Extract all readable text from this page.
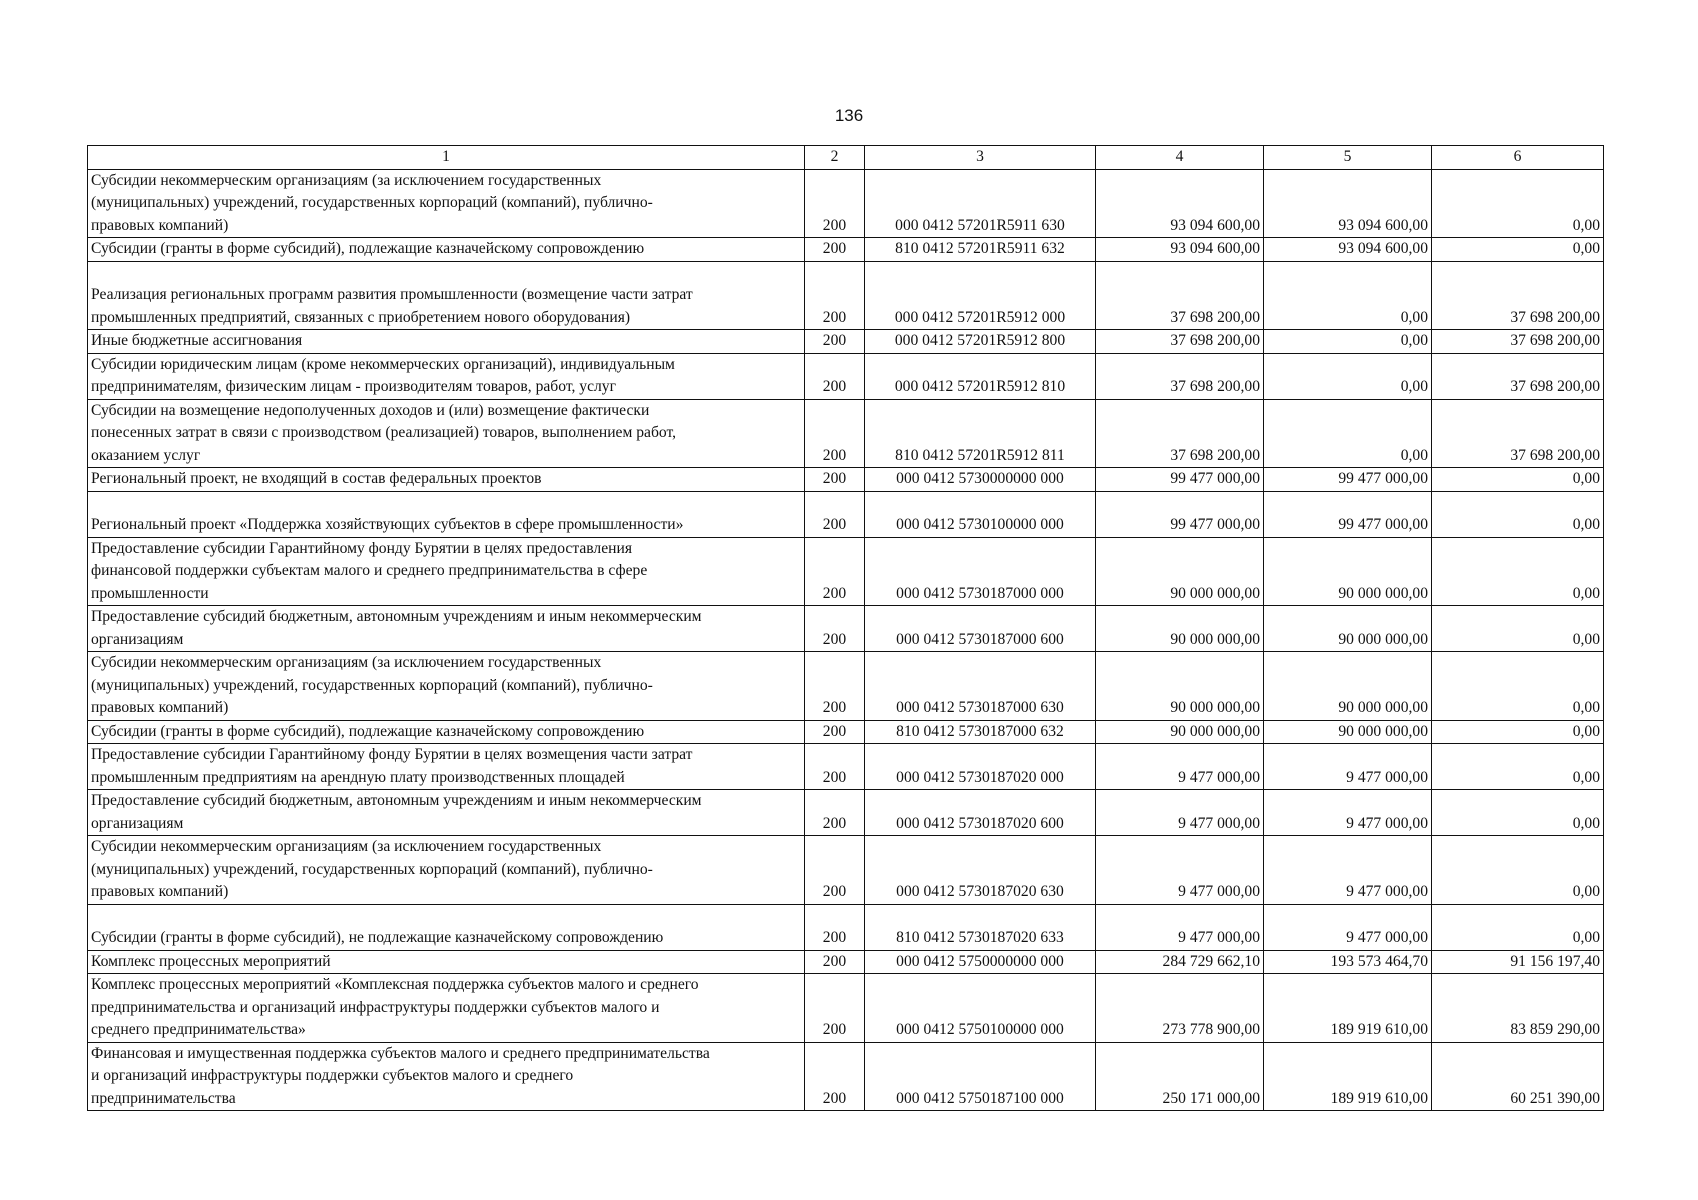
136
1	2	3	4	5	6

Субсидии некоммерческим организациям (за исключением государственных
(муниципальных) учреждений, государственных корпораций (компаний), публично-
правовых компаний)	200	000 0412 57201R5911 630	93 094 600,00	93 094 600,00	0,00

Субсидии (гранты в форме субсидий), подлежащие казначейскому сопровождению	200	810 0412 57201R5911 632	93 094 600,00	93 094 600,00	0,00

Реализация региональных программ развития промышленности (возмещение части затрат
промышленных предприятий, связанных с приобретением нового оборудования)	200	000 0412 57201R5912 000	37 698 200,00	0,00	37 698 200,00

Иные бюджетные ассигнования	200	000 0412 57201R5912 800	37 698 200,00	0,00	37 698 200,00

Субсидии юридическим лицам (кроме некоммерческих организаций), индивидуальным
предпринимателям, физическим лицам - производителям товаров, работ, услуг	200	000 0412 57201R5912 810	37 698 200,00	0,00	37 698 200,00

Субсидии на возмещение недополученных доходов и (или) возмещение фактически
понесенных затрат в связи с производством (реализацией) товаров, выполнением работ,
оказанием услуг	200	810 0412 57201R5912 811	37 698 200,00	0,00	37 698 200,00

Региональный проект, не входящий в состав федеральных проектов	200	000 0412 5730000000 000	99 477 000,00	99 477 000,00	0,00

Региональный проект «Поддержка хозяйствующих субъектов в сфере промышленности»	200	000 0412 5730100000 000	99 477 000,00	99 477 000,00	0,00

Предоставление субсидии Гарантийному фонду Бурятии в целях предоставления
финансовой поддержки субъектам малого и среднего предпринимательства в сфере
промышленности	200	000 0412 5730187000 000	90 000 000,00	90 000 000,00	0,00

Предоставление субсидий бюджетным, автономным учреждениям и иным некоммерческим
организациям	200	000 0412 5730187000 600	90 000 000,00	90 000 000,00	0,00

Субсидии некоммерческим организациям (за исключением государственных
(муниципальных) учреждений, государственных корпораций (компаний), публично-
правовых компаний)	200	000 0412 5730187000 630	90 000 000,00	90 000 000,00	0,00

Субсидии (гранты в форме субсидий), подлежащие казначейскому сопровождению	200	810 0412 5730187000 632	90 000 000,00	90 000 000,00	0,00

Предоставление субсидии Гарантийному фонду Бурятии в целях возмещения части затрат
промышленным предприятиям на арендную плату производственных площадей	200	000 0412 5730187020 000	9 477 000,00	9 477 000,00	0,00

Предоставление субсидий бюджетным, автономным учреждениям и иным некоммерческим
организациям	200	000 0412 5730187020 600	9 477 000,00	9 477 000,00	0,00

Субсидии некоммерческим организациям (за исключением государственных
(муниципальных) учреждений, государственных корпораций (компаний), публично-
правовых компаний)	200	000 0412 5730187020 630	9 477 000,00	9 477 000,00	0,00

Субсидии (гранты в форме субсидий), не подлежащие казначейскому сопровождению	200	810 0412 5730187020 633	9 477 000,00	9 477 000,00	0,00

Комплекс процессных мероприятий	200	000 0412 5750000000 000	284 729 662,10	193 573 464,70	91 156 197,40

Комплекс процессных мероприятий «Комплексная поддержка субъектов малого и среднего
предпринимательства и организаций инфраструктуры поддержки субъектов малого и
среднего предпринимательства»	200	000 0412 5750100000 000	273 778 900,00	189 919 610,00	83 859 290,00

Финансовая и имущественная поддержка субъектов малого и среднего предпринимательства
и организаций инфраструктуры поддержки субъектов малого и среднего
предпринимательства	200	000 0412 5750187100 000	250 171 000,00	189 919 610,00	60 251 390,00
